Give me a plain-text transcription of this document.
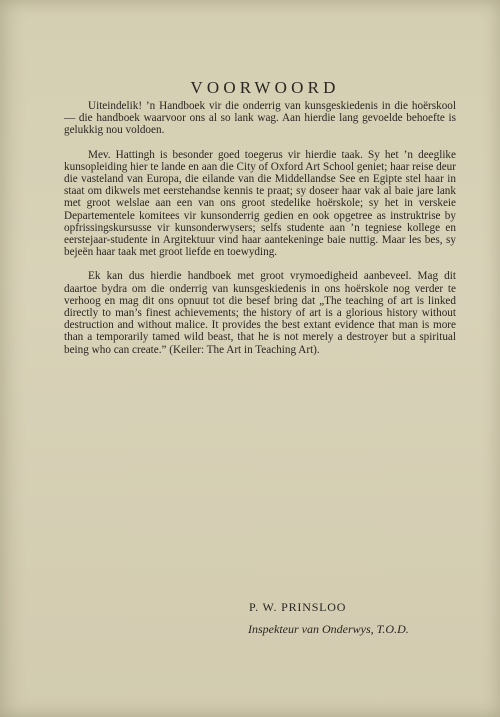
VOORWOORD

Uiteindelik! ’n Handboek vir die onderrig van kunsgeskiedenis in die hoërskool — die handboek waarvoor ons al so lank wag. Aan hierdie lang gevoelde behoefte is gelukkig nou voldoen.

Mev. Hattingh is besonder goed toegerus vir hierdie taak. Sy het ’n deeglike kunsopleiding hier te lande en aan die City of Oxford Art School geniet; haar reise deur die vasteland van Europa, die eilande van die Middellandse See en Egipte stel haar in staat om dikwels met eerstehandse kennis te praat; sy doseer haar vak al baie jare lank met groot welslae aan een van ons groot stedelike hoërskole; sy het in verskeie Departementele komitees vir kunsonderrig gedien en ook opgetree as instruktrise by opfrissingskursusse vir kunsonderwysers; selfs studente aan ’n tegniese kollege en eerstejaar-studente in Argitektuur vind haar aantekeninge baie nuttig. Maar les bes, sy bejeën haar taak met groot liefde en toewyding.

Ek kan dus hierdie handboek met groot vrymoedigheid aanbeveel. Mag dit daartoe bydra om die onderrig van kunsgeskiedenis in ons hoërskole nog verder te verhoog en mag dit ons opnuut tot die besef bring dat „The teaching of art is linked directly to man’s finest achievements; the history of art is a glorious history without destruction and without malice. It provides the best extant evidence that man is more than a temporarily tamed wild beast, that he is not merely a destroyer but a spiritual being who can create.” (Keiler: The Art in Teaching Art).

P. W. PRINSLOO
Inspekteur van Onderwys, T.O.D.
